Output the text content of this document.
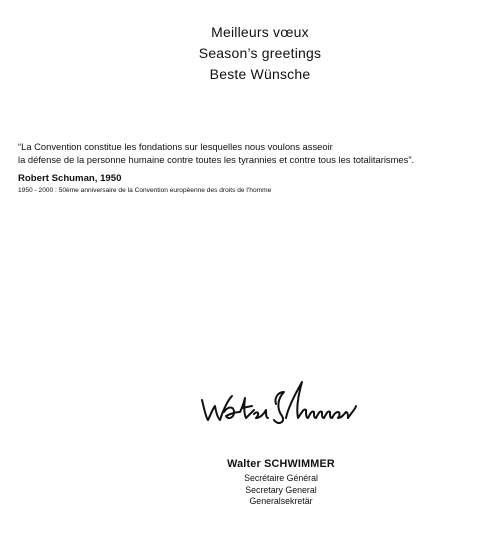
Meilleurs vœux
Season’s greetings
Beste Wünsche
“La Convention constitue les fondations sur lesquelles nous voulons asseoir
la défense de la personne humaine contre toutes les tyrannies et contre tous les totalitarismes”.
Robert Schuman, 1950
1950 - 2000 : 50ème anniversaire de la Convention européenne des droits de l’homme
Walter SCHWIMMER
Secrétaire Général
Secretary General
Generalsekretär
